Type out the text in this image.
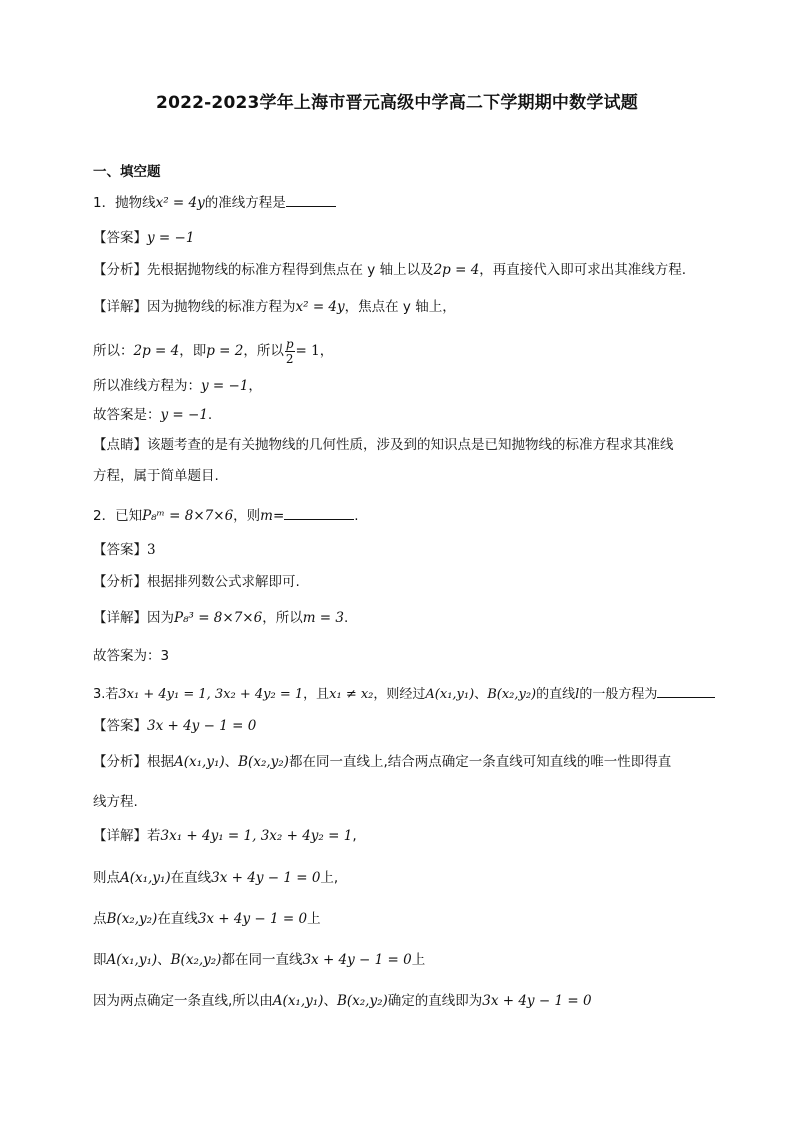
2022-2023学年上海市晋元高级中学高二下学期期中数学试题
一、填空题
1．抛物线x² = 4y的准线方程是
【答案】y = −1
【分析】先根据抛物线的标准方程得到焦点在 y 轴上以及2p = 4，再直接代入即可求出其准线方程.
【详解】因为抛物线的标准方程为x² = 4y，焦点在 y 轴上，
所以：2p = 4，即p = 2，所以 $\frac{p}{2} = 1$，
所以准线方程为：y = −1，
故答案是：y = −1.
【点睛】该题考查的是有关抛物线的几何性质，涉及到的知识点是已知抛物线的标准方程求其准线
方程，属于简单题目.
2．已知P₈ᵐ = 8×7×6，则m=	.
【答案】3
【分析】根据排列数公式求解即可.
【详解】因为P₈³ = 8×7×6，所以m = 3.
故答案为：3
3.若3x₁ + 4y₁ = 1, 3x₂ + 4y₂ = 1，且x₁ ≠ x₂，则经过A(x₁,y₁)、B(x₂,y₂)的直线l的一般方程为
【答案】3x + 4y − 1 = 0
【分析】根据A(x₁,y₁)、B(x₂,y₂)都在同一直线上,结合两点确定一条直线可知直线的唯一性即得直
线方程.
【详解】若3x₁ + 4y₁ = 1, 3x₂ + 4y₂ = 1,
则点A(x₁,y₁)在直线3x + 4y − 1 = 0上,
点B(x₂,y₂)在直线3x + 4y − 1 = 0上
即A(x₁,y₁)、B(x₂,y₂)都在同一直线3x + 4y − 1 = 0上
因为两点确定一条直线,所以由A(x₁,y₁)、B(x₂,y₂)确定的直线即为3x + 4y − 1 = 0
